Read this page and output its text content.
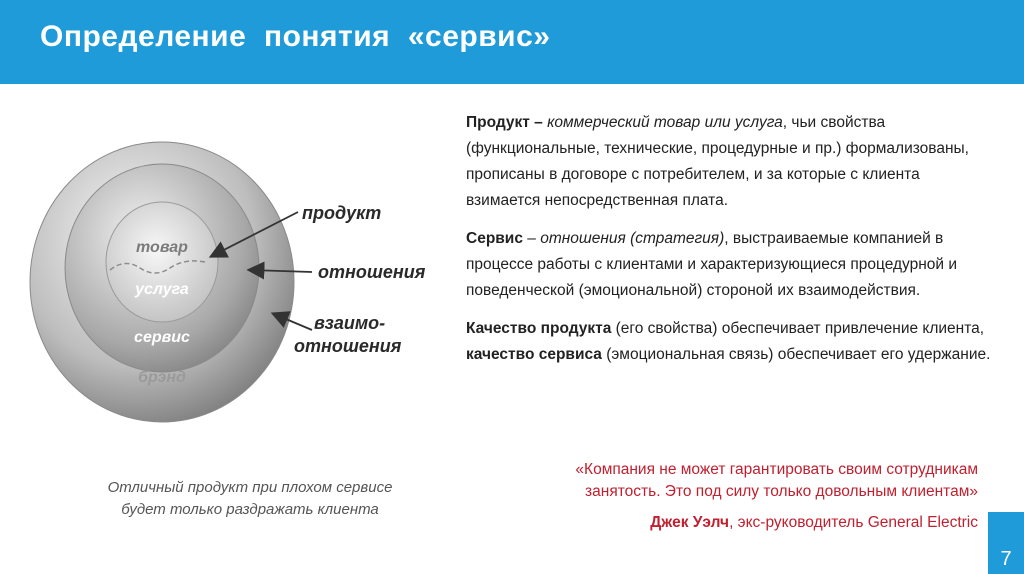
Определение  понятия  «сервис»
товар
услуга
сервис
брэнд
продукт
отношения
взаимо-
отношения
Отличный продукт при плохом сервисе
будет только раздражать клиента

Продукт – коммерческий товар или услуга, чьи свойства (функциональные, технические, процедурные и пр.) формализованы, прописаны в договоре с потребителем, и за которые с клиента взимается непосредственная плата.

Сервис – отношения (стратегия), выстраиваемые компанией в процессе работы с клиентами и характеризующиеся процедурной и поведенческой (эмоциональной) стороной их взаимодействия.

Качество продукта (его свойства) обеспечивает привлечение клиента, качество сервиса (эмоциональная связь) обеспечивает его удержание.

«Компания не может гарантировать своим сотрудникам
занятость. Это под силу только довольным клиентам»
Джек Уэлч, экс-руководитель General Electric
7
